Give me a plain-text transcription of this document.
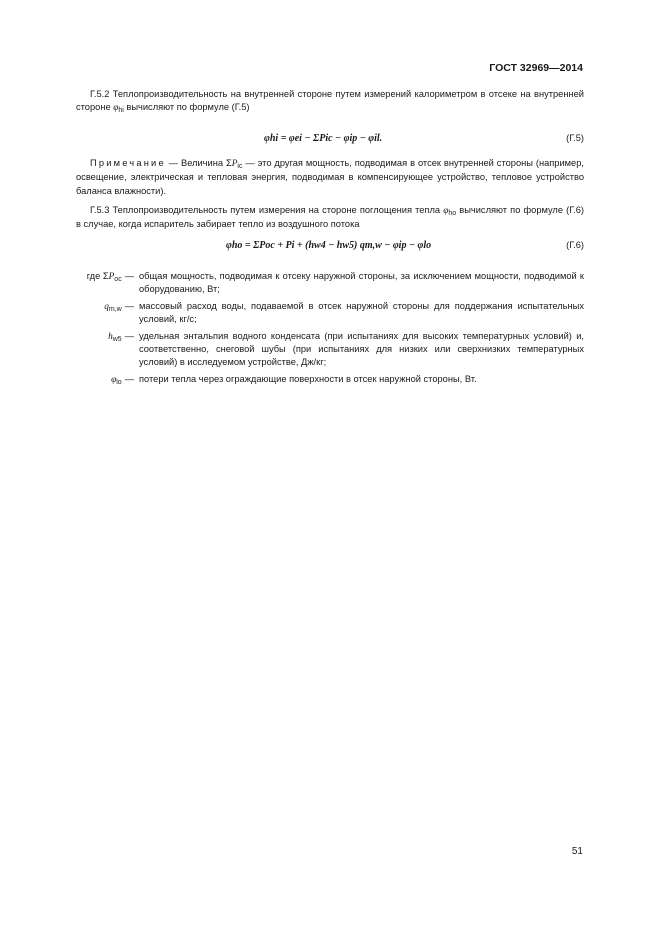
ГОСТ 32969—2014

Г.5.2 Теплопроизводительность на внутренней стороне путем измерений калориметром в отсеке на внутренней стороне $\varphi_{hi}$ вычисляют по формуле (Г.5)

φhi = φei − ΣPic − φip − φil.	(Г.5)

Примечание — Величина $\Sigma P_{ic}$ — это другая мощность, подводимая в отсек внутренней стороны (например, освещение, электрическая и тепловая энергия, подводимая в компенсирующее устройство, тепловое устройство баланса влажности).

Г.5.3 Теплопроизводительность путем измерения на стороне поглощения тепла $\varphi_{ho}$ вычисляют по формуле (Г.6) в случае, когда испаритель забирает тепло из воздушного потока

φho = ΣPoc + Pi + (hw4 − hw5) qm,w − φip − φlo	(Г.6)
где $\Sigma P_{oc}$ — общая мощность, подводимая к отсеку наружной стороны, за исключением мощности, подводимой к оборудованию, Вт;
$q_{m,w}$ — массовый расход воды, подаваемой в отсек наружной стороны для поддержания испытательных условий, кг/с;
$h_{w5}$ — удельная энтальпия водного конденсата (при испытаниях для высоких температурных условий) и, соответственно, снеговой шубы (при испытаниях для низких или сверхнизких температурных условий) в исследуемом устройстве, Дж/кг;
$\varphi_{lo}$ — потери тепла через ограждающие поверхности в отсек наружной стороны, Вт.
51
